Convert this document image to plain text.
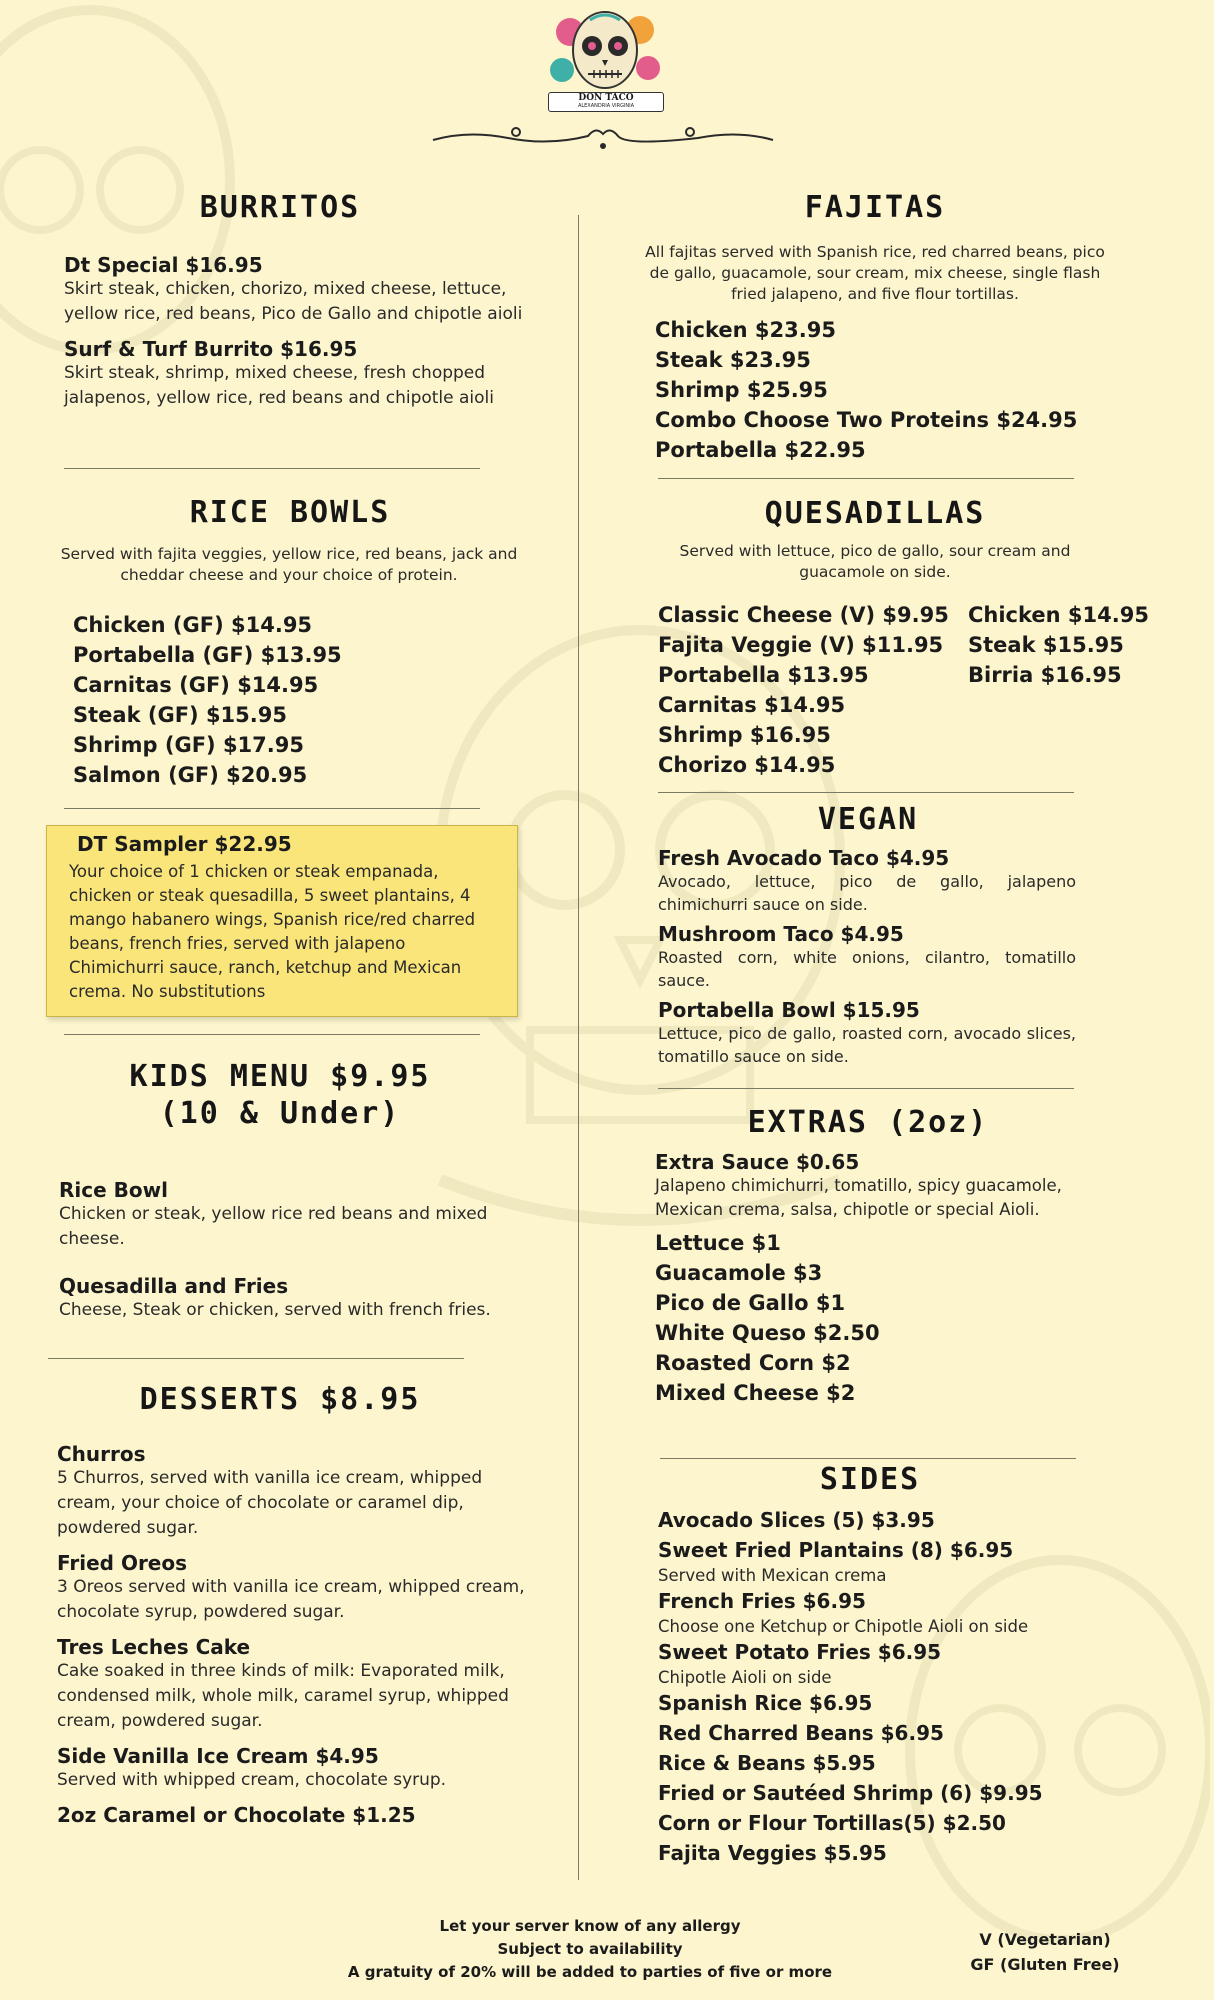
DON TACO
ALEXANDRIA VIRGINIA
BURRITOS
Dt Special $16.95
Skirt steak, chicken, chorizo, mixed cheese, lettuce, yellow rice, red beans, Pico de Gallo and chipotle aioli
Surf & Turf Burrito $16.95
Skirt steak, shrimp, mixed cheese, fresh chopped jalapenos, yellow rice, red beans and chipotle aioli
RICE BOWLS
Served with fajita veggies, yellow rice, red beans, jack and cheddar cheese and your choice of protein.
Chicken (GF) $14.95
Portabella (GF) $13.95
Carnitas (GF) $14.95
Steak (GF) $15.95
Shrimp (GF) $17.95
Salmon (GF) $20.95
DT Sampler $22.95
Your choice of 1 chicken or steak empanada, chicken or steak quesadilla, 5 sweet plantains, 4 mango habanero wings, Spanish rice/red charred beans, french fries, served with jalapeno Chimichurri sauce, ranch, ketchup and Mexican crema. No substitutions
KIDS MENU $9.95
(10 & Under)
Rice Bowl
Chicken or steak, yellow rice red beans and mixed cheese.
Quesadilla and Fries
Cheese, Steak or chicken, served with french fries.
DESSERTS $8.95
Churros
5 Churros, served with vanilla ice cream, whipped cream, your choice of chocolate or caramel dip, powdered sugar.
Fried Oreos
3 Oreos served with vanilla ice cream, whipped cream, chocolate syrup, powdered sugar.
Tres Leches Cake
Cake soaked in three kinds of milk: Evaporated milk, condensed milk, whole milk, caramel syrup, whipped cream, powdered sugar.
Side Vanilla Ice Cream $4.95
Served with whipped cream, chocolate syrup.
2oz Caramel or Chocolate $1.25
FAJITAS
All fajitas served with Spanish rice, red charred beans, pico de gallo, guacamole, sour cream, mix cheese, single flash fried jalapeno, and five flour tortillas.
Chicken $23.95
Steak $23.95
Shrimp $25.95
Combo Choose Two Proteins $24.95
Portabella $22.95
QUESADILLAS
Served with lettuce, pico de gallo, sour cream and guacamole on side.
Classic Cheese (V) $9.95
Fajita Veggie (V) $11.95
Portabella $13.95
Carnitas $14.95
Shrimp $16.95
Chorizo $14.95
Chicken $14.95
Steak $15.95
Birria $16.95
VEGAN
Fresh Avocado Taco $4.95
Avocado, lettuce, pico de gallo, jalapeno chimichurri sauce on side.
Mushroom Taco $4.95
Roasted corn, white onions, cilantro, tomatillo sauce.
Portabella Bowl $15.95
Lettuce, pico de gallo, roasted corn, avocado slices, tomatillo sauce on side.
EXTRAS (2oz)
Extra Sauce $0.65
Jalapeno chimichurri, tomatillo, spicy guacamole, Mexican crema, salsa, chipotle or special Aioli.
Lettuce $1
Guacamole $3
Pico de Gallo $1
White Queso $2.50
Roasted Corn $2
Mixed Cheese $2
SIDES
Avocado Slices (5) $3.95
Sweet Fried Plantains (8) $6.95
Served with Mexican crema
French Fries $6.95
Choose one Ketchup or Chipotle Aioli on side
Sweet Potato Fries $6.95
Chipotle Aioli on side
Spanish Rice $6.95
Red Charred Beans $6.95
Rice & Beans $5.95
Fried or Sautéed Shrimp (6) $9.95
Corn or Flour Tortillas(5) $2.50
Fajita Veggies $5.95
Let your server know of any allergy
Subject to availability
A gratuity of 20% will be added to parties of five or more
V (Vegetarian)
GF (Gluten Free)
